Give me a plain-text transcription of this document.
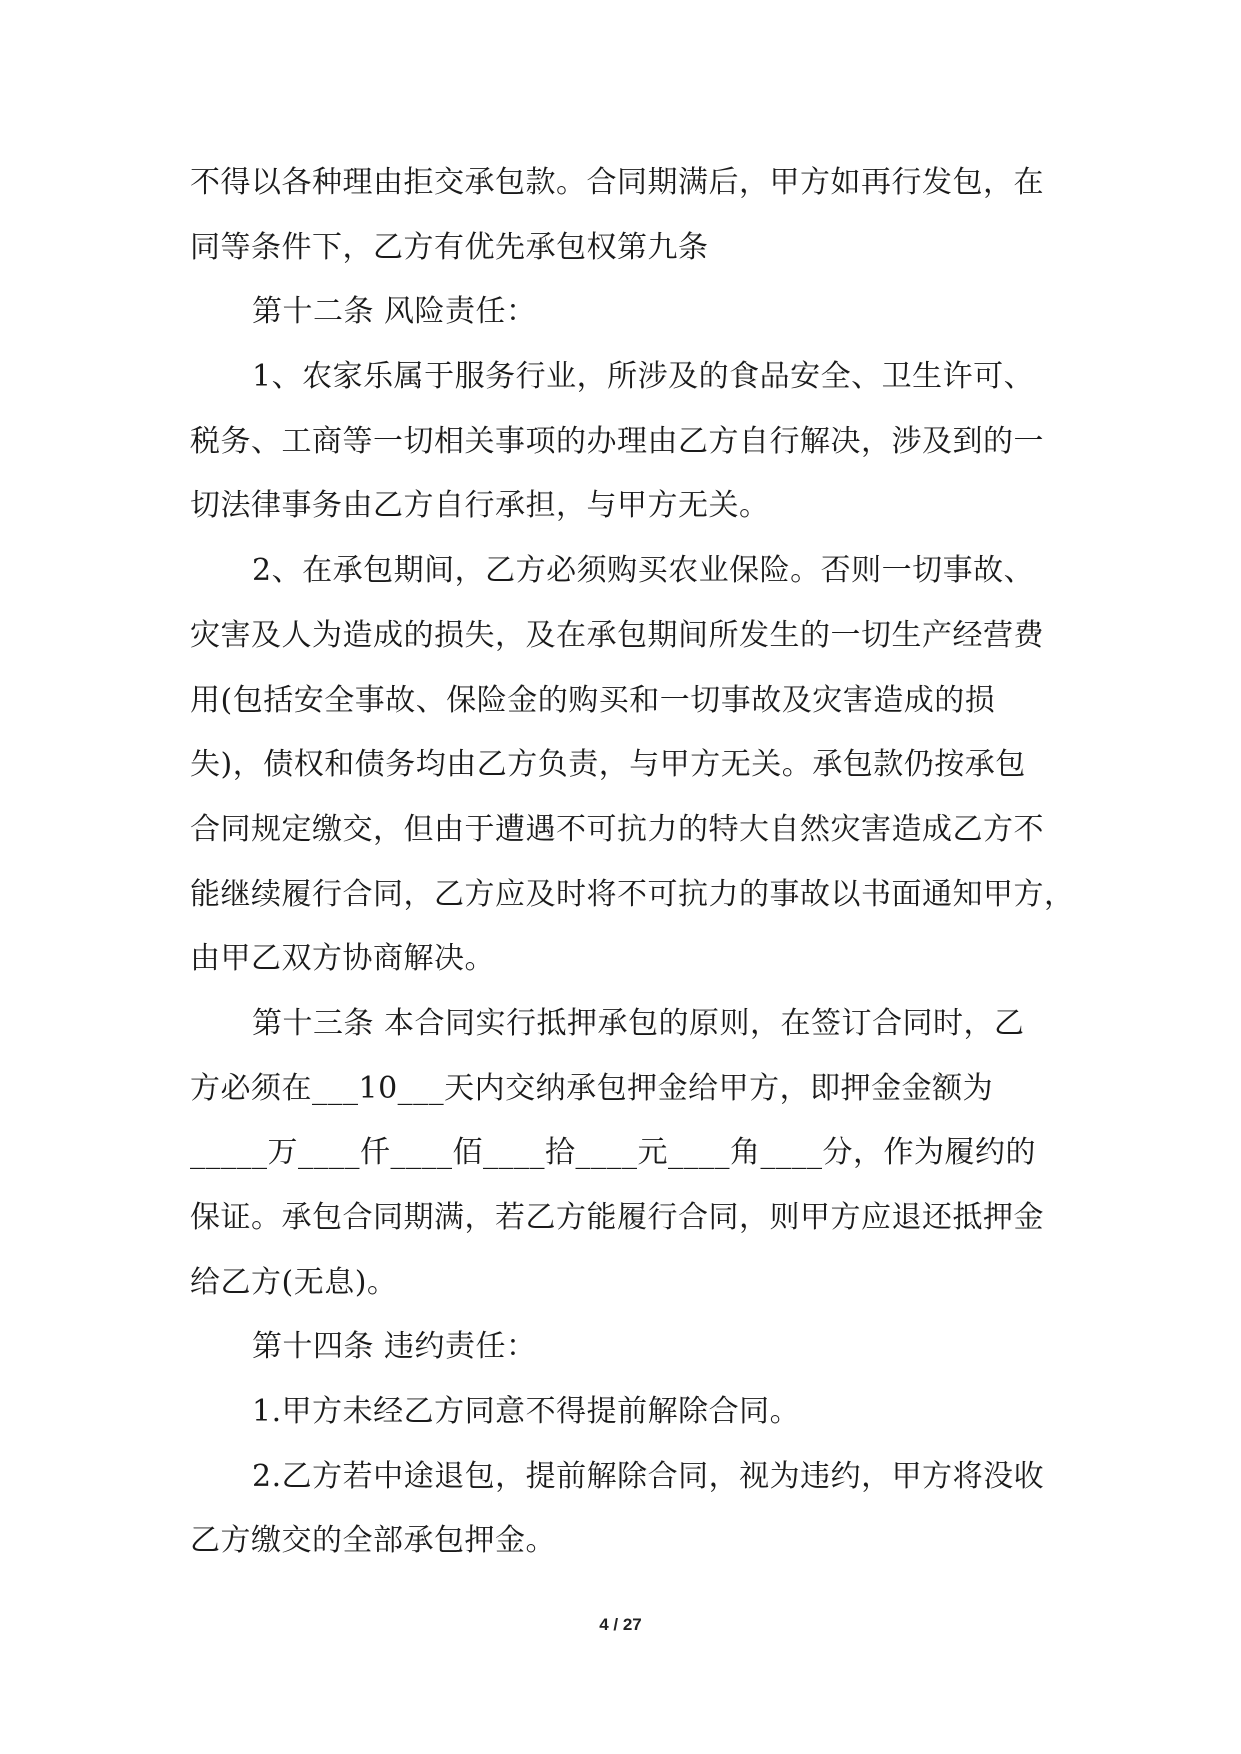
不得以各种理由拒交承包款。合同期满后，甲方如再行发包，在
同等条件下，乙方有优先承包权第九条
第十二条 风险责任：
1、农家乐属于服务行业，所涉及的食品安全、卫生许可、
税务、工商等一切相关事项的办理由乙方自行解决，涉及到的一
切法律事务由乙方自行承担，与甲方无关。
2、在承包期间，乙方必须购买农业保险。否则一切事故、
灾害及人为造成的损失，及在承包期间所发生的一切生产经营费
用(包括安全事故、保险金的购买和一切事故及灾害造成的损
失)，债权和债务均由乙方负责，与甲方无关。承包款仍按承包
合同规定缴交，但由于遭遇不可抗力的特大自然灾害造成乙方不
能继续履行合同，乙方应及时将不可抗力的事故以书面通知甲方，
由甲乙双方协商解决。
第十三条 本合同实行抵押承包的原则，在签订合同时，乙
方必须在___10___天内交纳承包押金给甲方，即押金金额为
_____万____仟____佰____拾____元____角____分，作为履约的
保证。承包合同期满，若乙方能履行合同，则甲方应退还抵押金
给乙方(无息)。
第十四条 违约责任：
1.甲方未经乙方同意不得提前解除合同。
2.乙方若中途退包，提前解除合同，视为违约，甲方将没收
乙方缴交的全部承包押金。
4 / 27
